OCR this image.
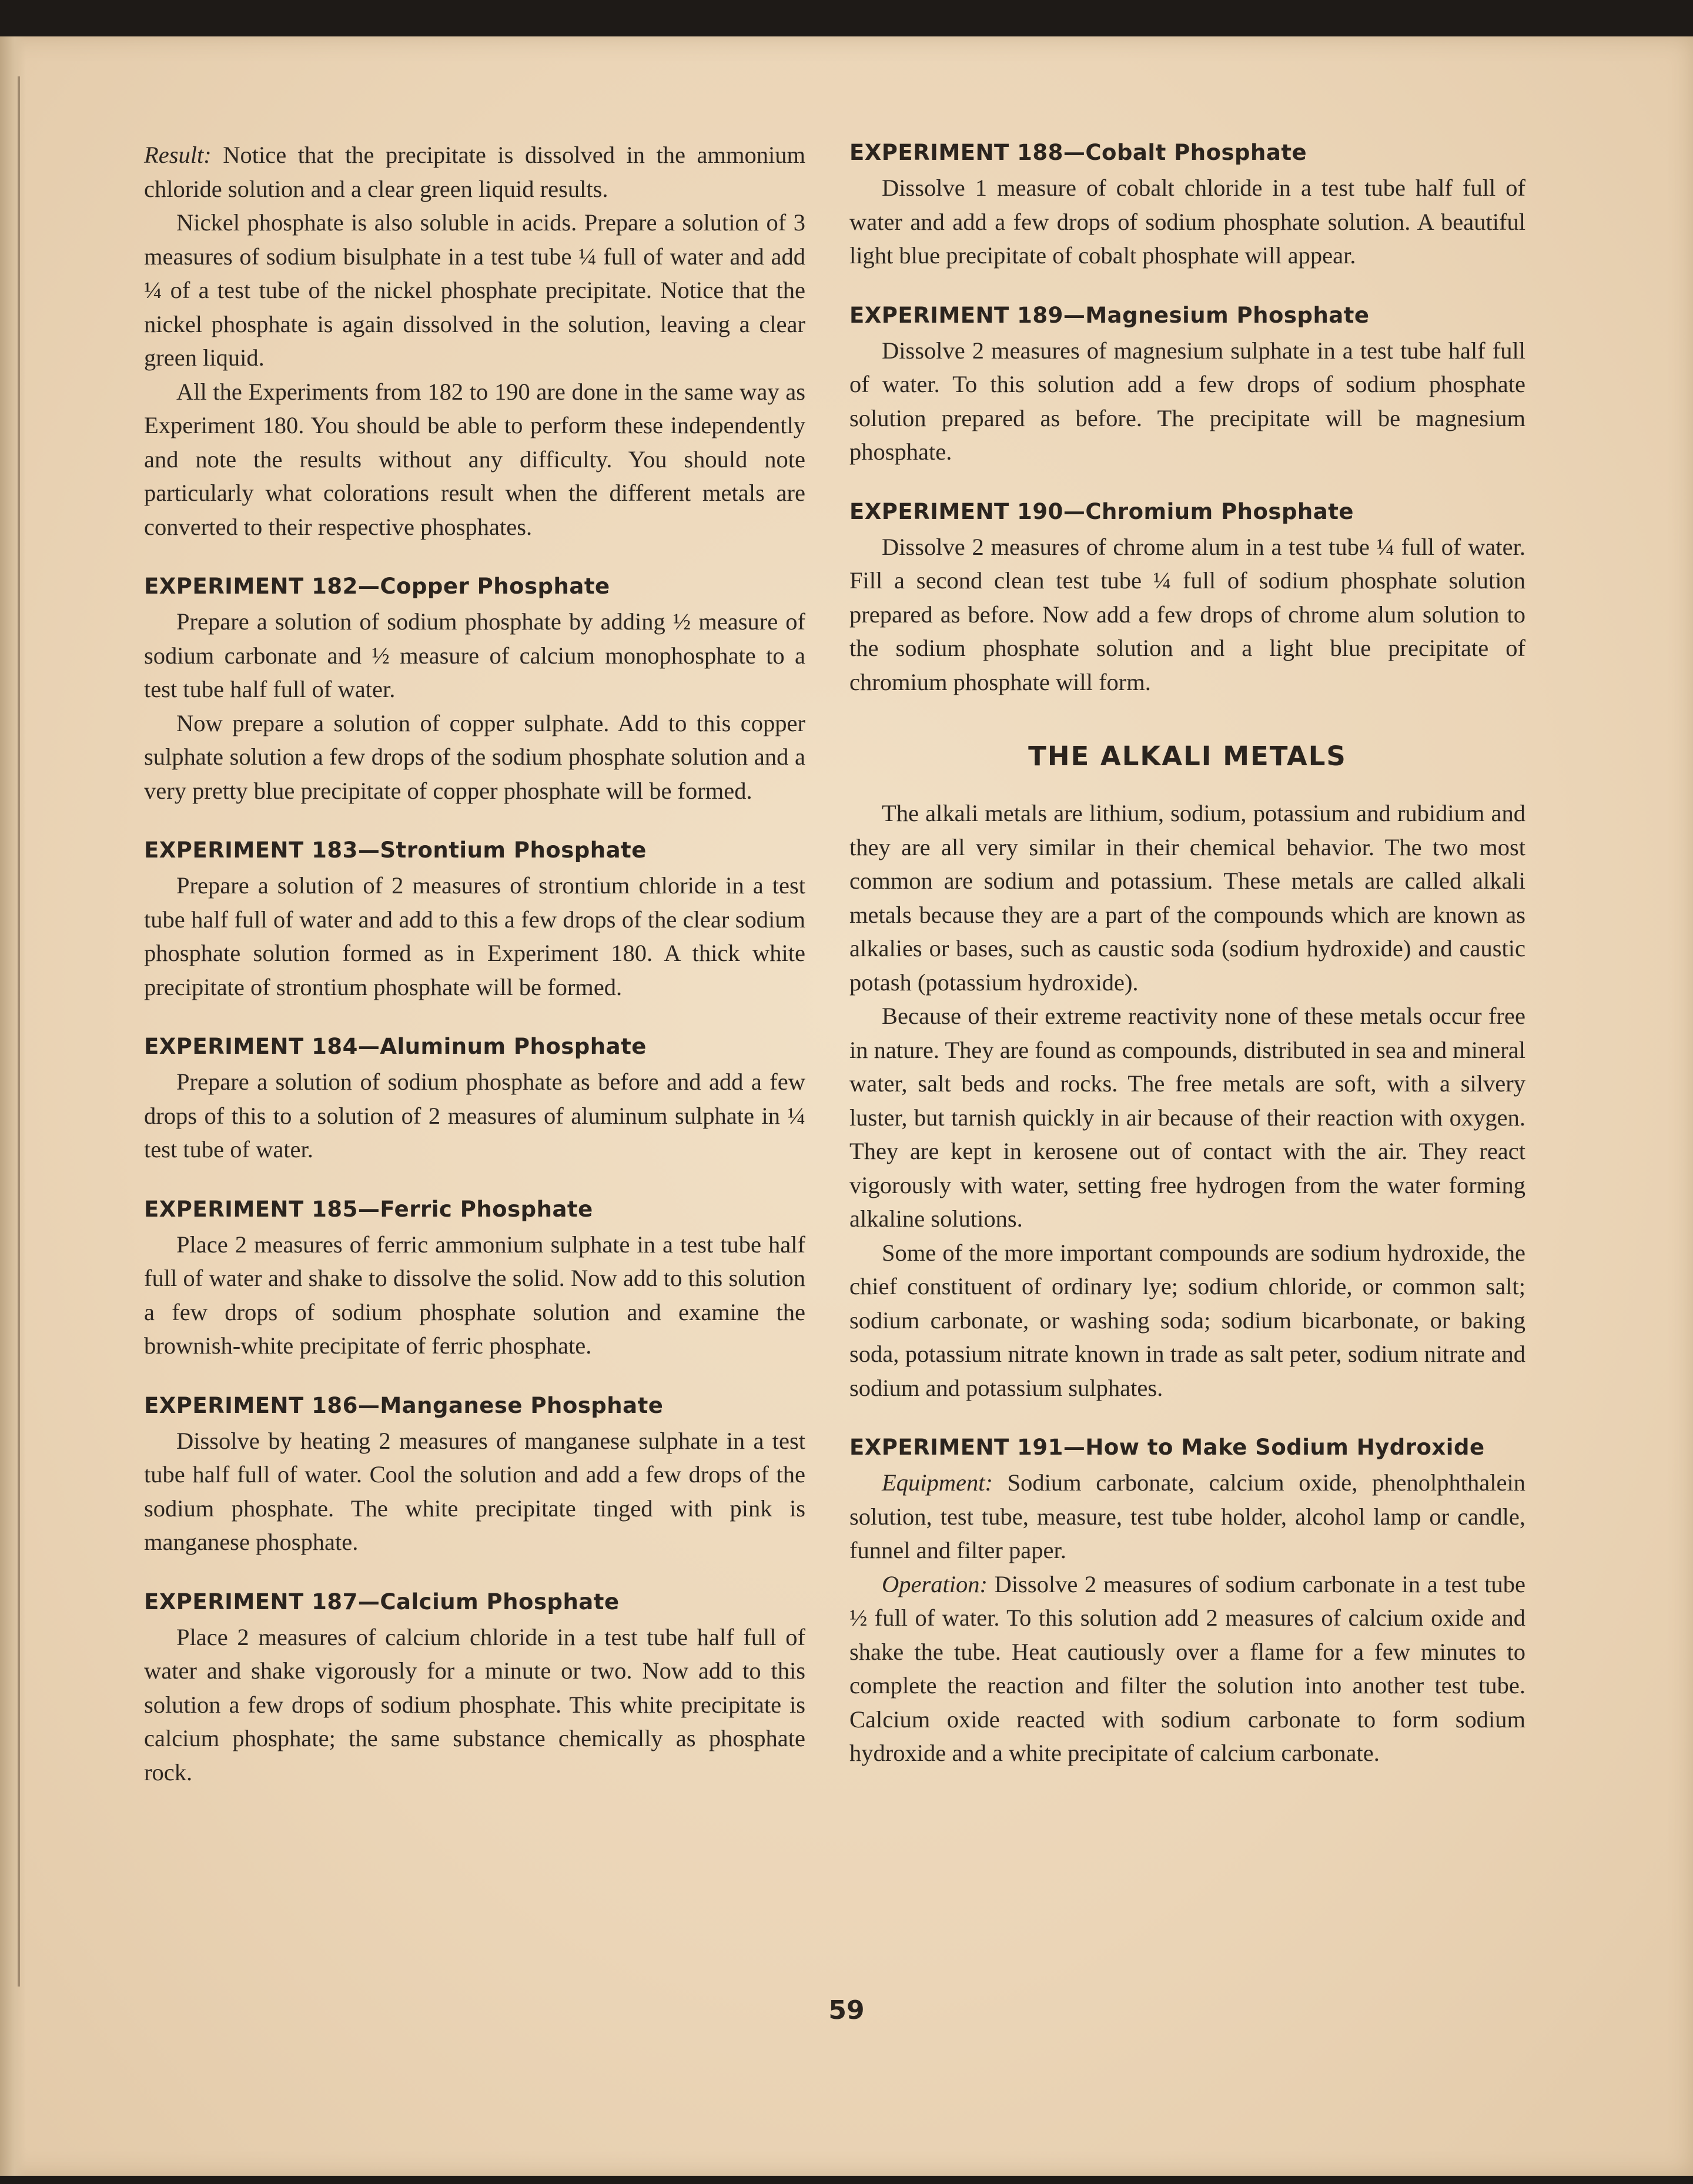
Result: Notice that the precipitate is dissolved in the ammonium chloride solution and a clear green liquid results.

Nickel phosphate is also soluble in acids. Prepare a solution of 3 measures of sodium bisulphate in a test tube ¼ full of water and add ¼ of a test tube of the nickel phosphate precipitate. Notice that the nickel phosphate is again dissolved in the solution, leaving a clear green liquid.

All the Experiments from 182 to 190 are done in the same way as Experiment 180. You should be able to perform these independently and note the results without any difficulty. You should note particularly what colorations result when the different metals are converted to their respective phosphates.

EXPERIMENT 182—Copper Phosphate

Prepare a solution of sodium phosphate by adding ½ measure of sodium carbonate and ½ measure of calcium monophosphate to a test tube half full of water.

Now prepare a solution of copper sulphate. Add to this copper sulphate solution a few drops of the sodium phosphate solution and a very pretty blue precipitate of copper phosphate will be formed.

EXPERIMENT 183—Strontium Phosphate

Prepare a solution of 2 measures of strontium chloride in a test tube half full of water and add to this a few drops of the clear sodium phosphate solution formed as in Experiment 180. A thick white precipitate of strontium phosphate will be formed.

EXPERIMENT 184—Aluminum Phosphate

Prepare a solution of sodium phosphate as before and add a few drops of this to a solution of 2 measures of aluminum sulphate in ¼ test tube of water.

EXPERIMENT 185—Ferric Phosphate

Place 2 measures of ferric ammonium sulphate in a test tube half full of water and shake to dissolve the solid. Now add to this solution a few drops of sodium phosphate solution and examine the brownish-white precipitate of ferric phosphate.

EXPERIMENT 186—Manganese Phosphate

Dissolve by heating 2 measures of manganese sulphate in a test tube half full of water. Cool the solution and add a few drops of the sodium phosphate. The white precipitate tinged with pink is manganese phosphate.

EXPERIMENT 187—Calcium Phosphate

Place 2 measures of calcium chloride in a test tube half full of water and shake vigorously for a minute or two. Now add to this solution a few drops of sodium phosphate. This white precipitate is calcium phosphate; the same substance chemically as phosphate rock.

EXPERIMENT 188—Cobalt Phosphate

Dissolve 1 measure of cobalt chloride in a test tube half full of water and add a few drops of sodium phosphate solution. A beautiful light blue precipitate of cobalt phosphate will appear.

EXPERIMENT 189—Magnesium Phosphate

Dissolve 2 measures of magnesium sulphate in a test tube half full of water. To this solution add a few drops of sodium phosphate solution prepared as before. The precipitate will be magnesium phosphate.

EXPERIMENT 190—Chromium Phosphate

Dissolve 2 measures of chrome alum in a test tube ¼ full of water. Fill a second clean test tube ¼ full of sodium phosphate solution prepared as before. Now add a few drops of chrome alum solution to the sodium phosphate solution and a light blue precipitate of chromium phosphate will form.

THE ALKALI METALS

The alkali metals are lithium, sodium, potassium and rubidium and they are all very similar in their chemical behavior. The two most common are sodium and potassium. These metals are called alkali metals because they are a part of the compounds which are known as alkalies or bases, such as caustic soda (sodium hydroxide) and caustic potash (potassium hydroxide).

Because of their extreme reactivity none of these metals occur free in nature. They are found as compounds, distributed in sea and mineral water, salt beds and rocks. The free metals are soft, with a silvery luster, but tarnish quickly in air because of their reaction with oxygen. They are kept in kerosene out of contact with the air. They react vigorously with water, setting free hydrogen from the water forming alkaline solutions.

Some of the more important compounds are sodium hydroxide, the chief constituent of ordinary lye; sodium chloride, or common salt; sodium carbonate, or washing soda; sodium bicarbonate, or baking soda, potassium nitrate known in trade as salt peter, sodium nitrate and sodium and potassium sulphates.

EXPERIMENT 191—How to Make Sodium Hydroxide

Equipment: Sodium carbonate, calcium oxide, phenolphthalein solution, test tube, measure, test tube holder, alcohol lamp or candle, funnel and filter paper.

Operation: Dissolve 2 measures of sodium carbonate in a test tube ½ full of water. To this solution add 2 measures of calcium oxide and shake the tube. Heat cautiously over a flame for a few minutes to complete the reaction and filter the solution into another test tube. Calcium oxide reacted with sodium carbonate to form sodium hydroxide and a white precipitate of calcium carbonate.

59
